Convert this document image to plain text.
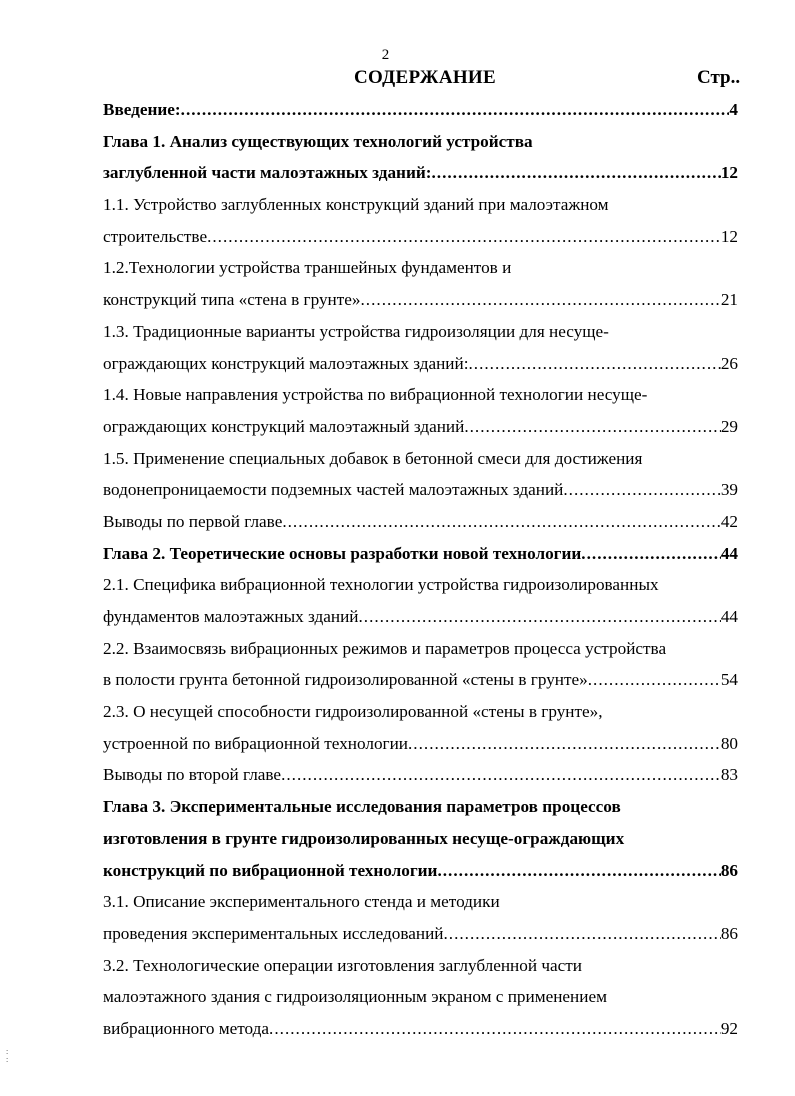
2
СОДЕРЖАНИЕ	Стр..
Введение: .....	4
Глава 1. Анализ существующих технологий устройства
заглубленной части малоэтажных зданий: .....	12
1.1. Устройство заглубленных конструкций зданий при малоэтажном
строительстве .....	12
1.2.Технологии устройства траншейных фундаментов и
конструкций типа «стена в грунте» .....	21
1.3. Традиционные варианты устройства гидроизоляции для несуще-
ограждающих конструкций малоэтажных зданий: .....	26
1.4. Новые направления устройства по вибрационной технологии несуще-
ограждающих конструкций малоэтажный зданий .....	29
1.5. Применение специальных добавок в бетонной смеси для достижения
водонепроницаемости подземных частей малоэтажных зданий .....	39
Выводы по первой главе .....	42
Глава 2. Теоретические основы разработки новой технологии .....	44
2.1. Специфика вибрационной технологии устройства гидроизолированных
фундаментов малоэтажных зданий .....	44
2.2. Взаимосвязь вибрационных режимов и параметров процесса устройства
в полости грунта бетонной гидроизолированной «стены в грунте» .....	54
2.3. О несущей способности гидроизолированной «стены в грунте»,
устроенной по вибрационной технологии .....	80
Выводы по второй главе .....	83
Глава 3. Экспериментальные исследования параметров процессов
изготовления в грунте гидроизолированных несуще-ограждающих
конструкций по вибрационной технологии .....	86
3.1. Описание экспериментального стенда и методики
проведения экспериментальных исследований .....	86
3.2. Технологические операции изготовления заглубленной части
малоэтажного здания с гидроизоляционным экраном с применением
вибрационного метода .....	92
:
:
